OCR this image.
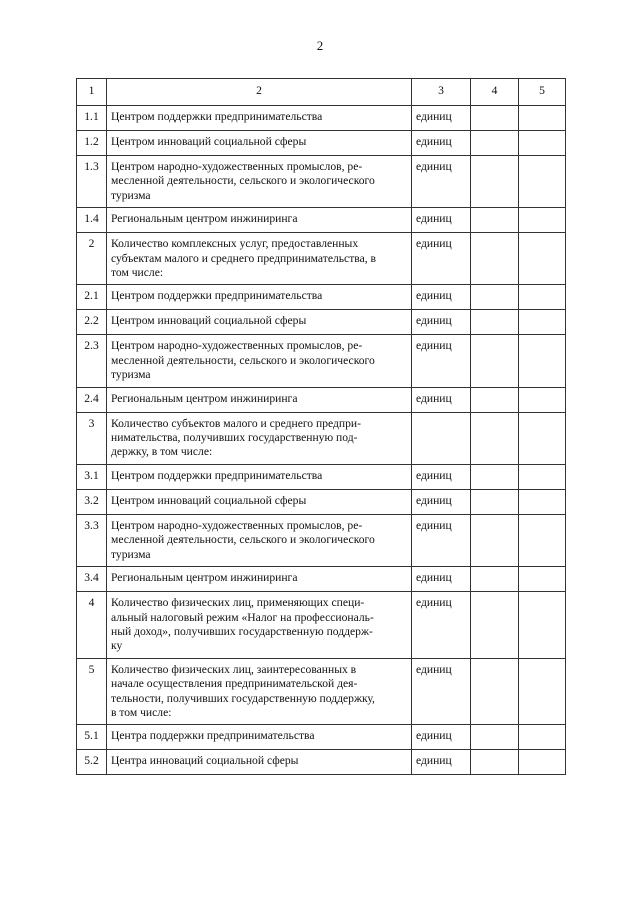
2
1	2	3	4	5
1.1	Центром поддержки предпринимательства	единиц		
1.2	Центром инноваций социальной сферы	единиц		
1.3	Центром народно-художественных промыслов, ре-
месленной деятельности, сельского и экологического
туризма	единиц		
1.4	Региональным центром инжиниринга	единиц		
2	Количество комплексных услуг, предоставленных
субъектам малого и среднего предпринимательства, в
том числе:	единиц		
2.1	Центром поддержки предпринимательства	единиц		
2.2	Центром инноваций социальной сферы	единиц		
2.3	Центром народно-художественных промыслов, ре-
месленной деятельности, сельского и экологического
туризма	единиц		
2.4	Региональным центром инжиниринга	единиц		
3	Количество субъектов малого и среднего предпри-
нимательства, получивших государственную под-
держку, в том числе:			
3.1	Центром поддержки предпринимательства	единиц		
3.2	Центром инноваций социальной сферы	единиц		
3.3	Центром народно-художественных промыслов, ре-
месленной деятельности, сельского и экологического
туризма	единиц		
3.4	Региональным центром инжиниринга	единиц		
4	Количество физических лиц, применяющих специ-
альный налоговый режим «Налог на профессиональ-
ный доход», получивших государственную поддерж-
ку	единиц		
5	Количество физических лиц, заинтересованных в
начале осуществления предпринимательской дея-
тельности, получивших государственную поддержку,
в том числе:	единиц		
5.1	Центра поддержки предпринимательства	единиц		
5.2	Центра инноваций социальной сферы	единиц		
